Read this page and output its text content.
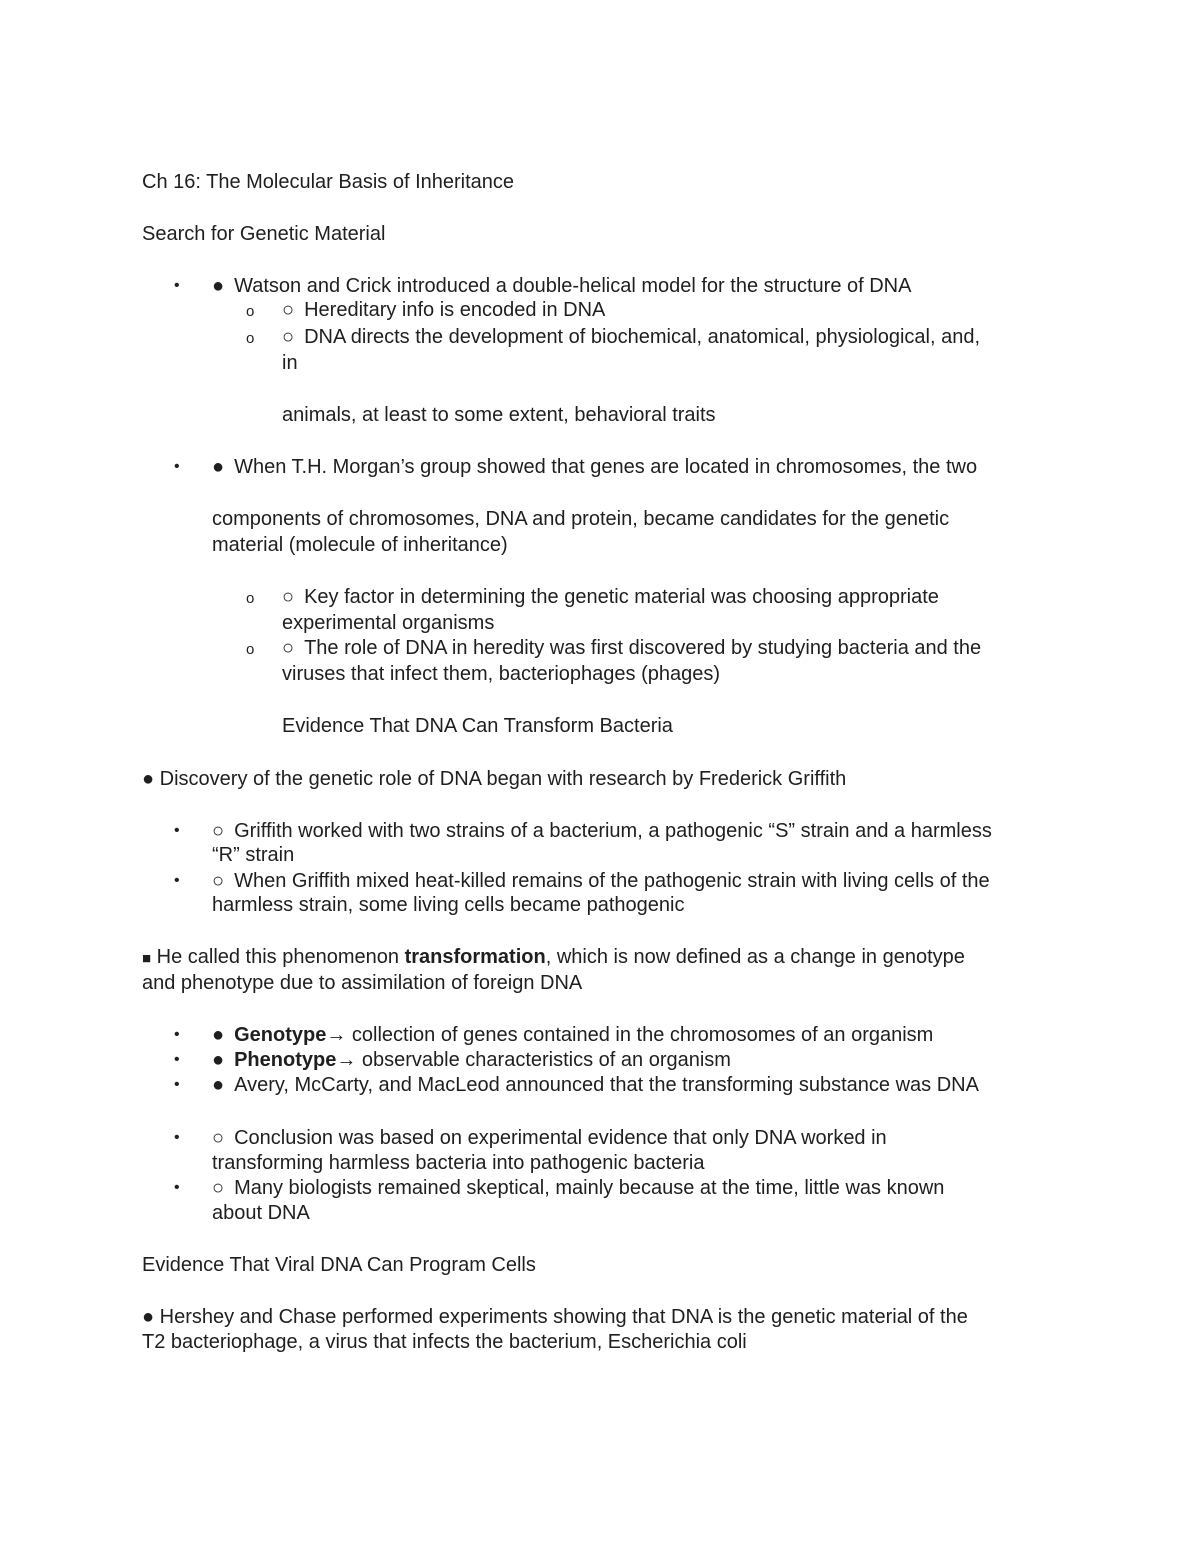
Ch 16: The Molecular Basis of Inheritance
Search for Genetic Material
• ● Watson and Crick introduced a double-helical model for the structure of DNA
o ○ Hereditary info is encoded in DNA
o ○ DNA directs the development of biochemical, anatomical, physiological, and,
in
animals, at least to some extent, behavioral traits
• ● When T.H. Morgan’s group showed that genes are located in chromosomes, the two
components of chromosomes, DNA and protein, became candidates for the genetic
material (molecule of inheritance)
o ○ Key factor in determining the genetic material was choosing appropriate
experimental organisms
o ○ The role of DNA in heredity was first discovered by studying bacteria and the
viruses that infect them, bacteriophages (phages)
Evidence That DNA Can Transform Bacteria
● Discovery of the genetic role of DNA began with research by Frederick Griffith
• ○ Griffith worked with two strains of a bacterium, a pathogenic “S” strain and a harmless
“R” strain
• ○ When Griffith mixed heat-killed remains of the pathogenic strain with living cells of the
harmless strain, some living cells became pathogenic
■ He called this phenomenon transformation, which is now defined as a change in genotype
and phenotype due to assimilation of foreign DNA
• ● Genotype→ collection of genes contained in the chromosomes of an organism
• ● Phenotype→ observable characteristics of an organism
• ● Avery, McCarty, and MacLeod announced that the transforming substance was DNA
• ○ Conclusion was based on experimental evidence that only DNA worked in
transforming harmless bacteria into pathogenic bacteria
• ○ Many biologists remained skeptical, mainly because at the time, little was known
about DNA
Evidence That Viral DNA Can Program Cells
● Hershey and Chase performed experiments showing that DNA is the genetic material of the
T2 bacteriophage, a virus that infects the bacterium, Escherichia coli
